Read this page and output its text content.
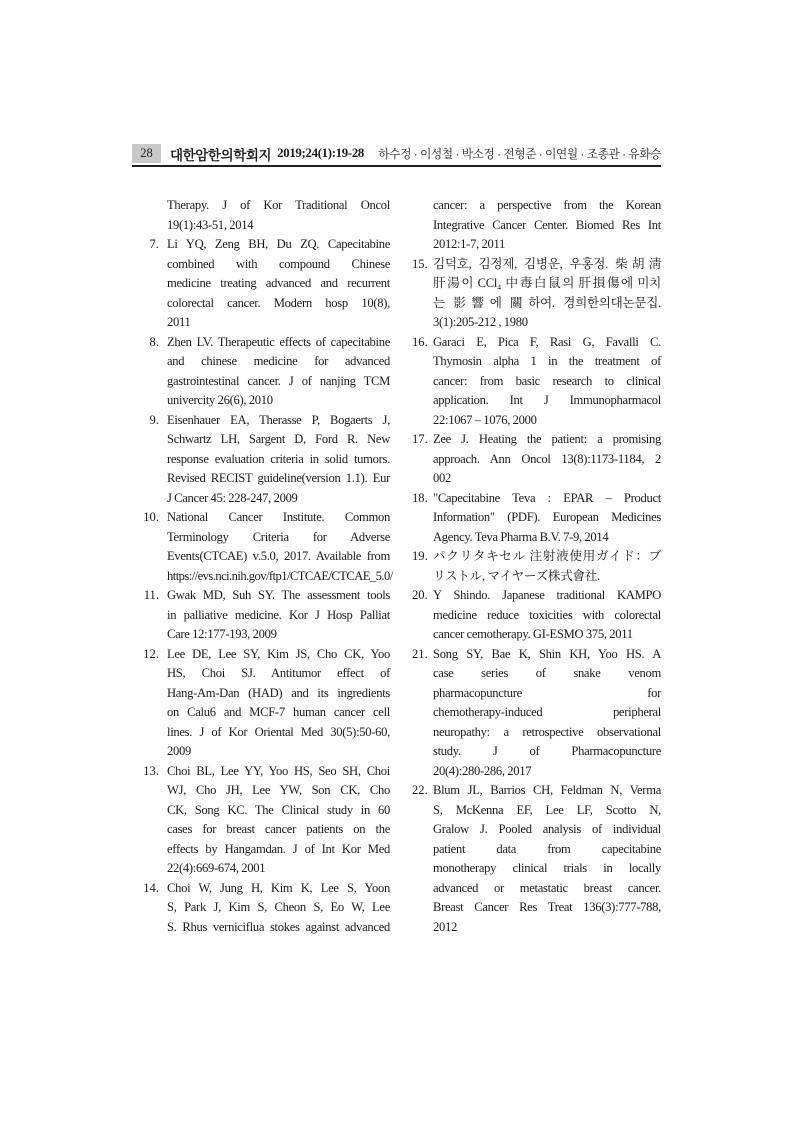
28 대한암한의학회지 2019;24(1):19-28 하수정 · 이성철 · 박소정 · 전형준 · 이연월 · 조종관 · 유화승
Therapy. J of Kor Traditional Oncol
19(1):43-51, 2014
7. Li YQ, Zeng BH, Du ZQ. Capecitabine
combined with compound Chinese
medicine treating advanced and recurrent
colorectal cancer. Modern hosp 10(8),
2011
8. Zhen LV. Therapeutic effects of capecitabine
and chinese medicine for advanced
gastrointestinal cancer. J of nanjing TCM
univercity 26(6), 2010
9. Eisenhauer EA, Therasse P, Bogaerts J,
Schwartz LH, Sargent D, Ford R. New
response evaluation criteria in solid tumors.
Revised RECIST guideline(version 1.1). Eur
J Cancer 45: 228-247, 2009
10. National Cancer Institute. Common
Terminology Criteria for Adverse
Events(CTCAE) v.5.0, 2017. Available from
https://evs.nci.nih.gov/ftp1/CTCAE/CTCAE_5.0/
11. Gwak MD, Suh SY. The assessment tools
in palliative medicine. Kor J Hosp Palliat
Care 12:177-193, 2009
12. Lee DE, Lee SY, Kim JS, Cho CK, Yoo
HS, Choi SJ. Antitumor effect of
Hang-Am-Dan (HAD) and its ingredients
on Calu6 and MCF-7 human cancer cell
lines. J of Kor Oriental Med 30(5):50-60,
2009
13. Choi BL, Lee YY, Yoo HS, Seo SH, Choi
WJ, Cho JH, Lee YW, Son CK, Cho
CK, Song KC. The Clinical study in 60
cases for breast cancer patients on the
effects by Hangamdan. J of Int Kor Med
22(4):669-674, 2001
14. Choi W, Jung H, Kim K, Lee S, Yoon
S, Park J, Kim S, Cheon S, Eo W, Lee
S. Rhus verniciflua stokes against advanced
cancer: a perspective from the Korean
Integrative Cancer Center. Biomed Res Int
2012:1-7, 2011
15. 김덕호, 김정제, 김병운, 우홍정. 柴胡淸
肝湯이 CCl₄ 中毒白鼠의 肝損傷에 미치
는 影響에 關하여. 경희한의대논문집.
3(1):205-212 , 1980
16. Garaci E, Pica F, Rasi G, Favalli C.
Thymosin alpha 1 in the treatment of
cancer: from basic research to clinical
application. Int J Immunopharmacol
22:1067 – 1076, 2000
17. Zee J. Heating the patient: a promising
approach. Ann Oncol 13(8):1173-1184, 2
002
18. "Capecitabine Teva : EPAR – Product
Information" (PDF). European Medicines
Agency. Teva Pharma B.V. 7-9, 2014
19. パクリタキセル 注射液使用ガイド：ブ
リストル, マイヤーズ株式會社.
20. Y Shindo. Japanese traditional KAMPO
medicine reduce toxicities with colorectal
cancer cemotherapy. GI-ESMO 375, 2011
21. Song SY, Bae K, Shin KH, Yoo HS. A
case series of snake venom
pharmacopuncture for
chemotherapy-induced peripheral
neuropathy: a retrospective observational
study. J of Pharmacopuncture
20(4):280-286, 2017
22. Blum JL, Barrios CH, Feldman N, Verma
S, McKenna EF, Lee LF, Scotto N,
Gralow J. Pooled analysis of individual
patient data from capecitabine
monotherapy clinical trials in locally
advanced or metastatic breast cancer.
Breast Cancer Res Treat 136(3):777-788,
2012
